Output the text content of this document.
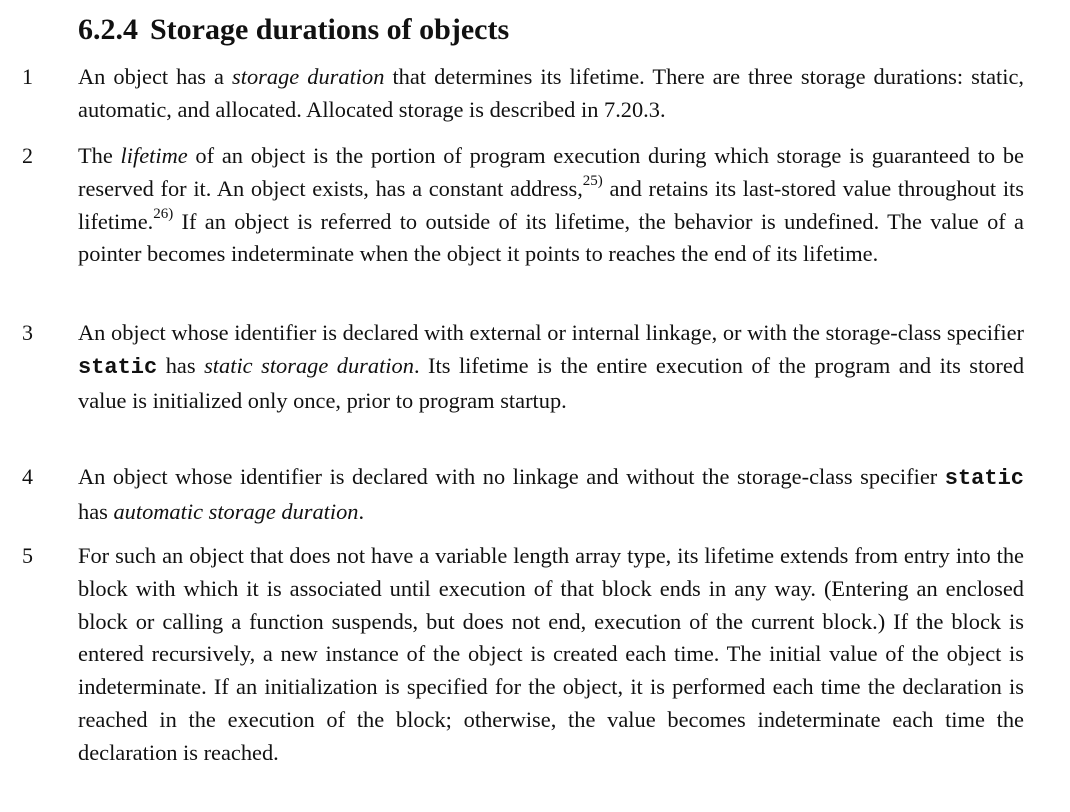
6.2.4 Storage durations of objects
1	An object has a storage duration that determines its lifetime. There are three storage durations: static, automatic, and allocated. Allocated storage is described in 7.20.3.

2	The lifetime of an object is the portion of program execution during which storage is guaranteed to be reserved for it. An object exists, has a constant address,$^{25)}$ and retains its last-stored value throughout its lifetime.$^{26)}$ If an object is referred to outside of its lifetime, the behavior is undefined. The value of a pointer becomes indeterminate when the object it points to reaches the end of its lifetime.

3	An object whose identifier is declared with external or internal linkage, or with the storage-class specifier static has static storage duration. Its lifetime is the entire execution of the program and its stored value is initialized only once, prior to program startup.

4	An object whose identifier is declared with no linkage and without the storage-class specifier static has automatic storage duration.

5	For such an object that does not have a variable length array type, its lifetime extends from entry into the block with which it is associated until execution of that block ends in any way. (Entering an enclosed block or calling a function suspends, but does not end, execution of the current block.) If the block is entered recursively, a new instance of the object is created each time. The initial value of the object is indeterminate. If an initialization is specified for the object, it is performed each time the declaration is reached in the execution of the block; otherwise, the value becomes indeterminate each time the declaration is reached.
